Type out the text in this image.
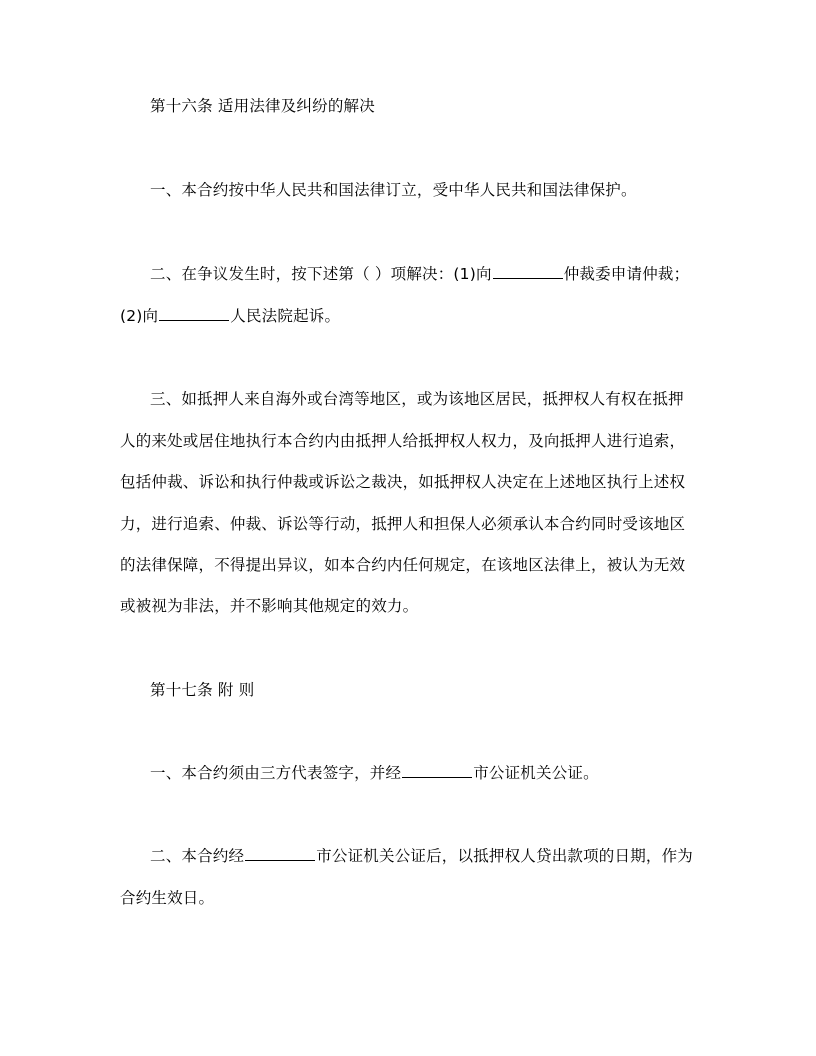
第十六条 适用法律及纠纷的解决
一、本合约按中华人民共和国法律订立，受中华人民共和国法律保护。
二、在争议发生时，按下述第（ ）项解决：(1)向	仲裁委申请仲裁；
(2)向	人民法院起诉。
三、如抵押人来自海外或台湾等地区，或为该地区居民，抵押权人有权在抵押
人的来处或居住地执行本合约内由抵押人给抵押权人权力，及向抵押人进行追索，
包括仲裁、诉讼和执行仲裁或诉讼之裁决，如抵押权人决定在上述地区执行上述权
力，进行追索、仲裁、诉讼等行动，抵押人和担保人必须承认本合约同时受该地区
的法律保障，不得提出异议，如本合约内任何规定，在该地区法律上，被认为无效
或被视为非法，并不影响其他规定的效力。
第十七条 附 则
一、本合约须由三方代表签字，并经	市公证机关公证。
二、本合约经	市公证机关公证后，以抵押权人贷出款项的日期，作为
合约生效日。
